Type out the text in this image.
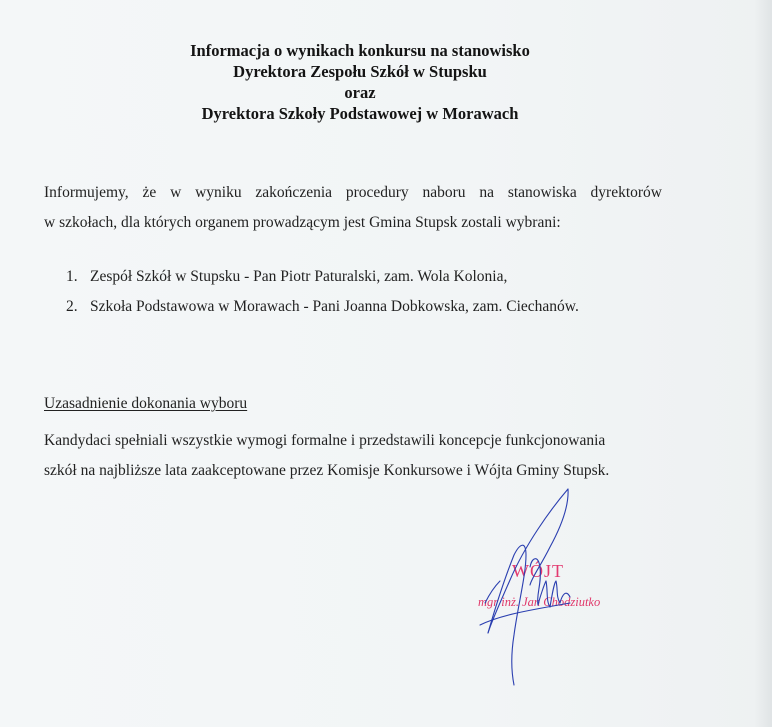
Informacja o wynikach konkursu na stanowisko
Dyrektora Zespołu Szkół w Stupsku
oraz
Dyrektora Szkoły Podstawowej w Morawach
Informujemy, że w wyniku zakończenia procedury naboru na stanowiska dyrektorów
w szkołach, dla których organem prowadzącym jest Gmina Stupsk zostali wybrani:
1. Zespół Szkół w Stupsku - Pan Piotr Paturalski, zam. Wola Kolonia,
2. Szkoła Podstawowa w Morawach - Pani Joanna Dobkowska, zam. Ciechanów.
Uzasadnienie dokonania wyboru
Kandydaci spełniali wszystkie wymogi formalne i przedstawili koncepcje funkcjonowania
szkół na najbliższe lata zaakceptowane przez Komisje Konkursowe i Wójta Gminy Stupsk.
WÓJT
mgr inż. Jan Chodziutko
